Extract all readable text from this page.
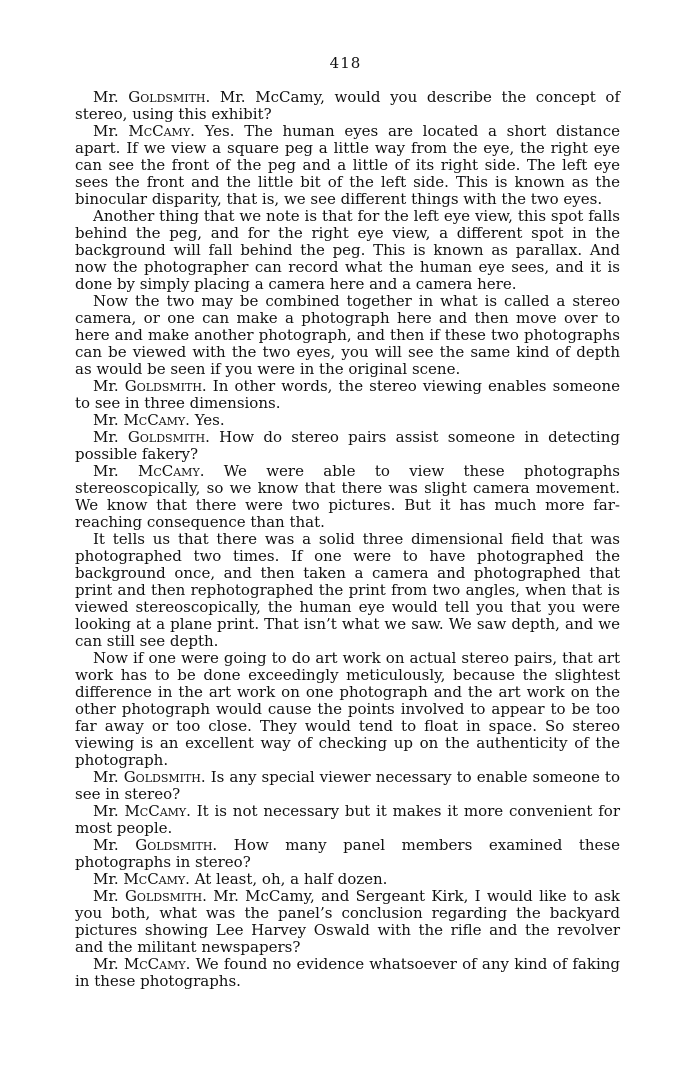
418

Mr. Goldsmith. Mr. McCamy, would you describe the concept of stereo, using this exhibit?

Mr. McCamy. Yes. The human eyes are located a short distance apart. If we view a square peg a little way from the eye, the right eye can see the front of the peg and a little of its right side. The left eye sees the front and the little bit of the left side. This is known as the binocular disparity, that is, we see different things with the two eyes.

Another thing that we note is that for the left eye view, this spot falls behind the peg, and for the right eye view, a different spot in the background will fall behind the peg. This is known as parallax. And now the photographer can record what the human eye sees, and it is done by simply placing a camera here and a camera here.

Now the two may be combined together in what is called a stereo camera, or one can make a photograph here and then move over to here and make another photograph, and then if these two photographs can be viewed with the two eyes, you will see the same kind of depth as would be seen if you were in the original scene.

Mr. Goldsmith. In other words, the stereo viewing enables someone to see in three dimensions.

Mr. McCamy. Yes.

Mr. Goldsmith. How do stereo pairs assist someone in detecting possible fakery?

Mr. McCamy. We were able to view these photographs stereoscopically, so we know that there was slight camera movement. We know that there were two pictures. But it has much more far-reaching consequence than that.

It tells us that there was a solid three dimensional field that was photographed two times. If one were to have photographed the background once, and then taken a camera and photographed that print and then rephotographed the print from two angles, when that is viewed stereoscopically, the human eye would tell you that you were looking at a plane print. That isn’t what we saw. We saw depth, and we can still see depth.

Now if one were going to do art work on actual stereo pairs, that art work has to be done exceedingly meticulously, because the slightest difference in the art work on one photograph and the art work on the other photograph would cause the points involved to appear to be too far away or too close. They would tend to float in space. So stereo viewing is an excellent way of checking up on the authenticity of the photograph.

Mr. Goldsmith. Is any special viewer necessary to enable someone to see in stereo?

Mr. McCamy. It is not necessary but it makes it more convenient for most people.

Mr. Goldsmith. How many panel members examined these photographs in stereo?

Mr. McCamy. At least, oh, a half dozen.

Mr. Goldsmith. Mr. McCamy, and Sergeant Kirk, I would like to ask you both, what was the panel’s conclusion regarding the backyard pictures showing Lee Harvey Oswald with the rifle and the revolver and the militant newspapers?

Mr. McCamy. We found no evidence whatsoever of any kind of faking in these photographs.
